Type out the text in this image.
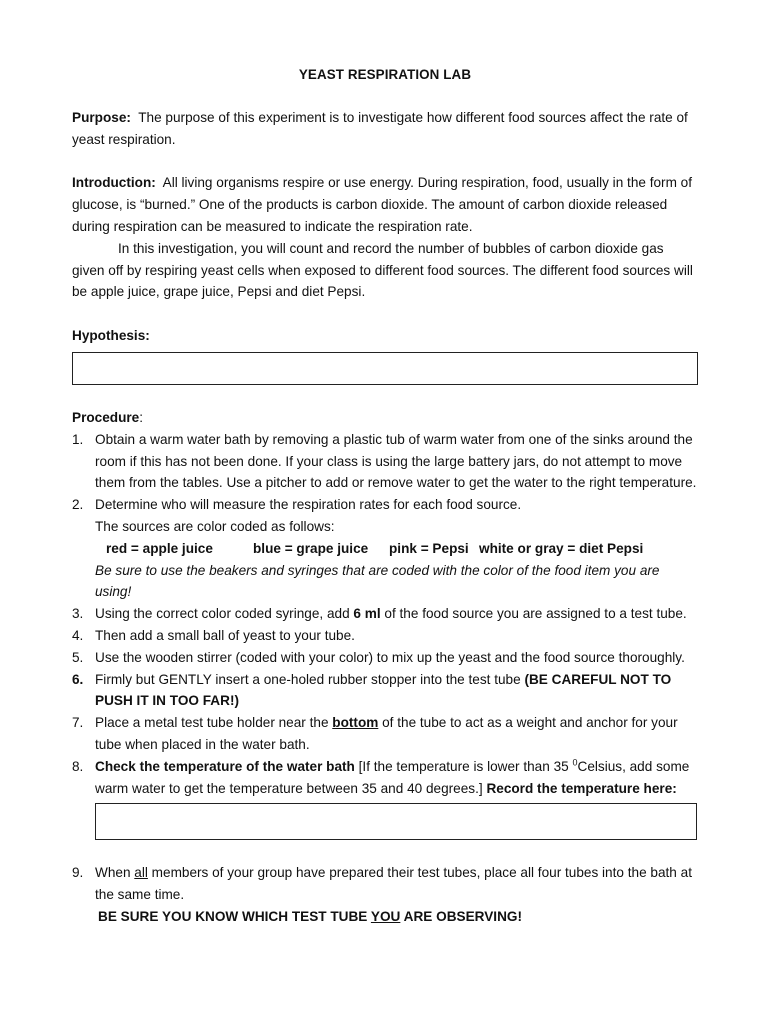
YEAST RESPIRATION LAB

Purpose: The purpose of this experiment is to investigate how different food sources affect the rate of yeast respiration.

Introduction: All living organisms respire or use energy. During respiration, food, usually in the form of glucose, is “burned.” One of the products is carbon dioxide. The amount of carbon dioxide released during respiration can be measured to indicate the respiration rate.

In this investigation, you will count and record the number of bubbles of carbon dioxide gas given off by respiring yeast cells when exposed to different food sources. The different food sources will be apple juice, grape juice, Pepsi and diet Pepsi.

Hypothesis:

Procedure:

1. Obtain a warm water bath by removing a plastic tub of warm water from one of the sinks around the room if this has not been done. If your class is using the large battery jars, do not attempt to move them from the tables. Use a pitcher to add or remove water to get the water to the right temperature.
2. Determine who will measure the respiration rates for each food source.
The sources are color coded as follows:
red = apple juice	blue = grape juice pink = Pepsi white or gray = diet Pepsi
Be sure to use the beakers and syringes that are coded with the color of the food item you are using!
3. Using the correct color coded syringe, add 6 ml of the food source you are assigned to a test tube.
4. Then add a small ball of yeast to your tube.
5. Use the wooden stirrer (coded with your color) to mix up the yeast and the food source thoroughly.
6. Firmly but GENTLY insert a one-holed rubber stopper into the test tube (BE CAREFUL NOT TO PUSH IT IN TOO FAR!)
7. Place a metal test tube holder near the bottom of the tube to act as a weight and anchor for your tube when placed in the water bath.
8. Check the temperature of the water bath [If the temperature is lower than 35 $^0$Celsius, add some warm water to get the temperature between 35 and 40 degrees.] Record the temperature here:
9. When all members of your group have prepared their test tubes, place all four tubes into the bath at the same time.
BE SURE YOU KNOW WHICH TEST TUBE YOU ARE OBSERVING!
